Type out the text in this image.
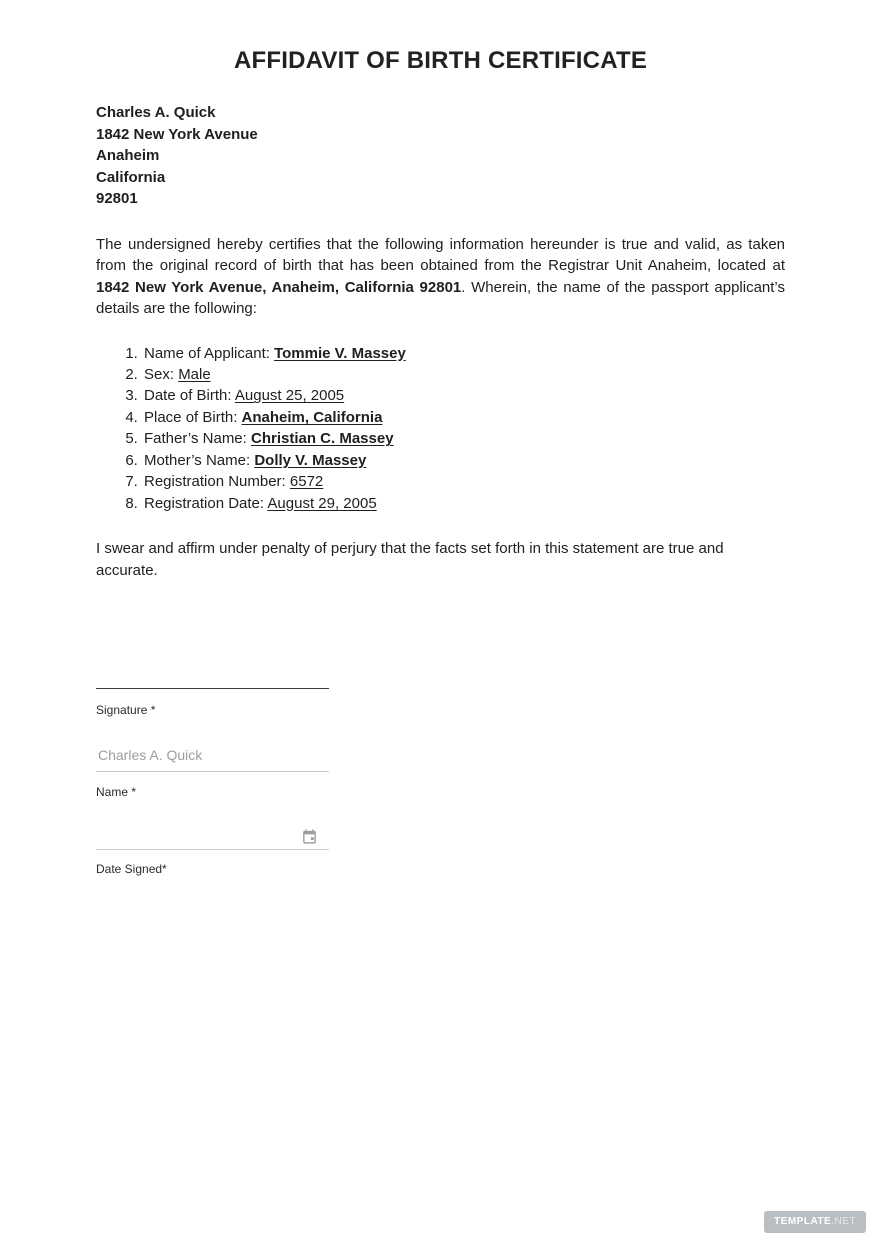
AFFIDAVIT OF BIRTH CERTIFICATE
Charles A. Quick
1842 New York Avenue
Anaheim
California
92801

The undersigned hereby certifies that the following information hereunder is true and valid, as taken from the original record of birth that has been obtained from the Registrar Unit Anaheim, located at 1842 New York Avenue, Anaheim, California 92801. Wherein, the name of the passport applicant’s details are the following:

1. Name of Applicant: Tommie V. Massey
2. Sex: Male
3. Date of Birth: August 25, 2005
4. Place of Birth: Anaheim, California
5. Father’s Name: Christian C. Massey
6. Mother’s Name: Dolly V. Massey
7. Registration Number: 6572
8. Registration Date: August 29, 2005

I swear and affirm under penalty of perjury that the facts set forth in this statement are true and accurate.

Signature *
Charles A. Quick
Name *
Date Signed*
TEMPLATE.NET
